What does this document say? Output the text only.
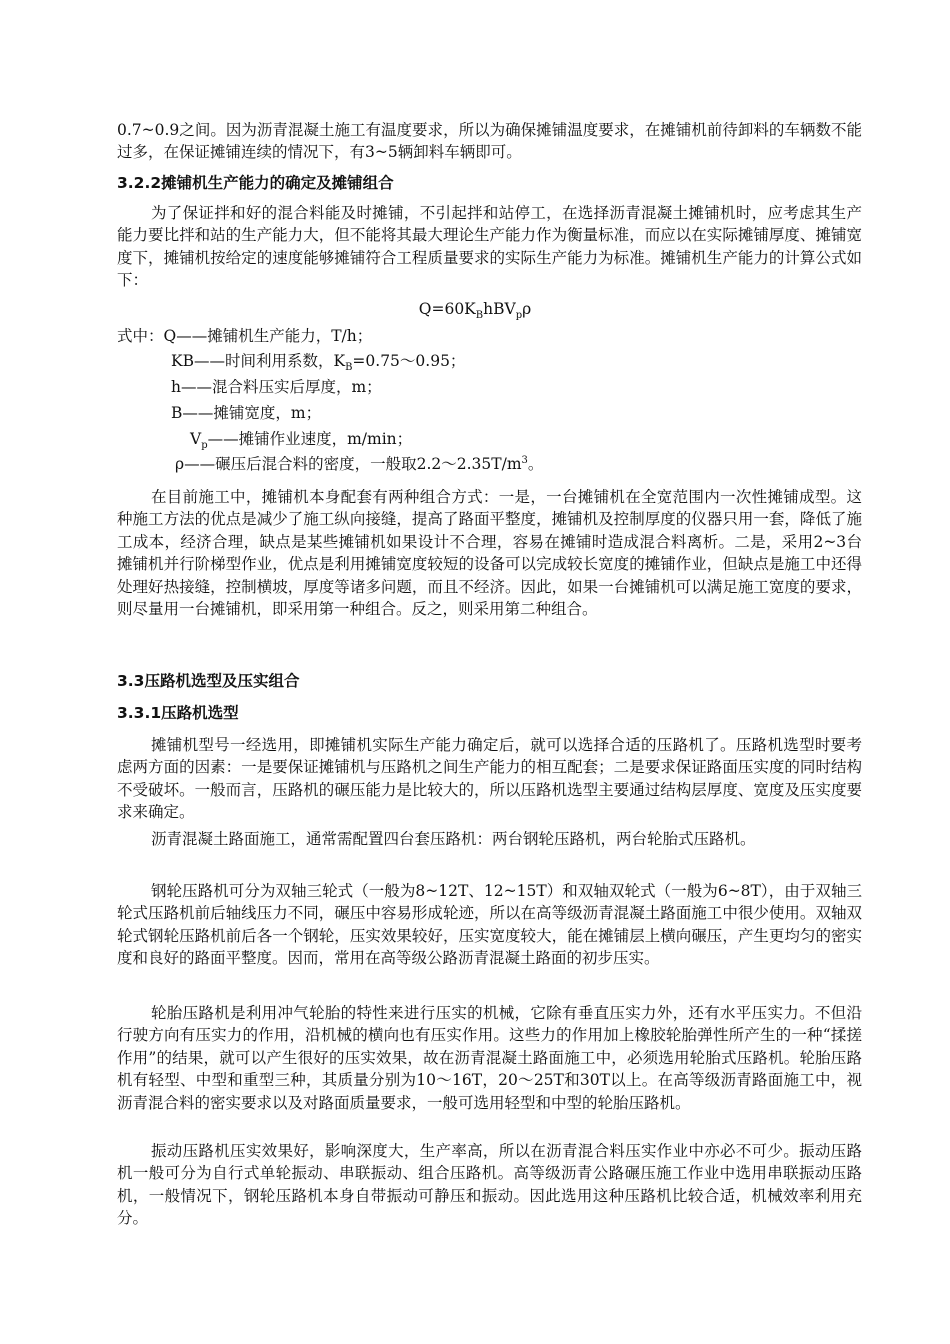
0.7~0.9之间。因为沥青混凝土施工有温度要求，所以为确保摊铺温度要求，在摊铺机前待卸料的车辆数不能过多，在保证摊铺连续的情况下，有3~5辆卸料车辆即可。

3.2.2摊铺机生产能力的确定及摊铺组合

为了保证拌和好的混合料能及时摊铺，不引起拌和站停工，在选择沥青混凝土摊铺机时，应考虑其生产能力要比拌和站的生产能力大，但不能将其最大理论生产能力作为衡量标准，而应以在实际摊铺厚度、摊铺宽度下，摊铺机按给定的速度能够摊铺符合工程质量要求的实际生产能力为标准。摊铺机生产能力的计算公式如下：

$Q=60K_BhBV_p\rho$

式中：Q——摊铺机生产能力，T/h；

KB——时间利用系数，$K_B=0.75\sim 0.95$；

h——混合料压实后厚度，m；

B——摊铺宽度，m；

$V_p——$摊铺作业速度，m/min；

ρ——碾压后混合料的密度，一般取$2.2\sim 2.35T/m^3$。

在目前施工中，摊铺机本身配套有两种组合方式：一是，一台摊铺机在全宽范围内一次性摊铺成型。这种施工方法的优点是减少了施工纵向接缝，提高了路面平整度，摊铺机及控制厚度的仪器只用一套，降低了施工成本，经济合理，缺点是某些摊铺机如果设计不合理，容易在摊铺时造成混合料离析。二是，采用2~3台摊铺机并行阶梯型作业，优点是利用摊铺宽度较短的设备可以完成较长宽度的摊铺作业，但缺点是施工中还得处理好热接缝，控制横坡，厚度等诸多问题，而且不经济。因此，如果一台摊铺机可以满足施工宽度的要求，则尽量用一台摊铺机，即采用第一种组合。反之，则采用第二种组合。

3.3压路机选型及压实组合

3.3.1压路机选型

摊铺机型号一经选用，即摊铺机实际生产能力确定后，就可以选择合适的压路机了。压路机选型时要考虑两方面的因素：一是要保证摊铺机与压路机之间生产能力的相互配套；二是要求保证路面压实度的同时结构不受破坏。一般而言，压路机的碾压能力是比较大的，所以压路机选型主要通过结构层厚度、宽度及压实度要求来确定。

沥青混凝土路面施工，通常需配置四台套压路机：两台钢轮压路机，两台轮胎式压路机。

钢轮压路机可分为双轴三轮式（一般为8~12T、12~15T）和双轴双轮式（一般为6~8T），由于双轴三轮式压路机前后轴线压力不同，碾压中容易形成轮迹，所以在高等级沥青混凝土路面施工中很少使用。双轴双轮式钢轮压路机前后各一个钢轮，压实效果较好，压实宽度较大，能在摊铺层上横向碾压，产生更均匀的密实度和良好的路面平整度。因而，常用在高等级公路沥青混凝土路面的初步压实。

轮胎压路机是利用冲气轮胎的特性来进行压实的机械，它除有垂直压实力外，还有水平压实力。不但沿行驶方向有压实力的作用，沿机械的横向也有压实作用。这些力的作用加上橡胶轮胎弹性所产生的一种“揉搓作用”的结果，就可以产生很好的压实效果，故在沥青混凝土路面施工中，必须选用轮胎式压路机。轮胎压路机有轻型、中型和重型三种，其质量分别为10～16T，20～25T和30T以上。在高等级沥青路面施工中，视沥青混合料的密实要求以及对路面质量要求，一般可选用轻型和中型的轮胎压路机。

振动压路机压实效果好，影响深度大，生产率高，所以在沥青混合料压实作业中亦必不可少。振动压路机一般可分为自行式单轮振动、串联振动、组合压路机。高等级沥青公路碾压施工作业中选用串联振动压路机，一般情况下，钢轮压路机本身自带振动可静压和振动。因此选用这种压路机比较合适，机械效率利用充分。
